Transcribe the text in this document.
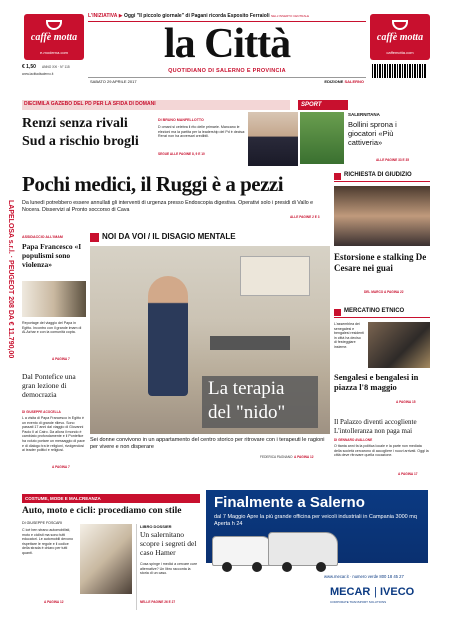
caffè motta
e-moderna.com
caffè motta
caffemotta.com
L'INIZIATIVA ▶ Oggi "Il piccolo giornale" di Pagani ricorda Esposito Ferraioli NELL'INSERTO CENTRALE
la Città
QUOTIDIANO DI SALERNO E PROVINCIA
€ 1,50 ANNO XXI · N° 115
www.lacittadisalerno.it
SABATO 29 APRILE 2017	EDIZIONE SALERNO
DIECIMILA GAZEBO DEL PD PER LA SFIDA DI DOMANI
Renzi senza rivali
Sud a rischio brogli
DI BRUNO MANFELLOTTO
D omani si celebra il rito delle primarie. Mancano le elezioni ma la partita per la leadership del Pd è decisa: Renzi non ha avversari credibili.
SEGUE ALLE PAGINE 8, 9 E 10
SPORT
SALERNITANA
Bollini sprona i giocatori «Più cattiveria»
ALLE PAGINE 33 E 35
Pochi medici, il Ruggi è a pezzi
Da lunedì potrebbero essere annullati gli interventi di urgenza presso Endoscopia digestiva. Operativi solo i presidi di Vallo e Nocera. Disservizi al Pronto soccorso di Cava
ALLE PAGINE 2 E 3
LAPELOSA s.r.l. · PEUGEOT 208 DA € 11.790,00 ASSIDACCIO ALL'IMAM
Papa Francesco «I populismi sono violenza»
Reportage del viaggio del Papa in Egitto. Incontro con il grande imam di Al-Azhar e con la comunità copta.
A PAGINA 7
Dal Pontefice una gran lezione di democrazia
DI GIUSEPPE ACOCELLA
L a visita di Papa Francesco in Egitto è un evento di grande rilievo. Sono passati 17 anni dal viaggio di Giovanni Paolo II al Cairo. Da allora il mondo è cambiato profondamente e il Pontefice ha voluto portare un messaggio di pace e di dialogo tra le religioni, rivolgendosi ai leader politici e religiosi.
A PAGINA 7
NOI DA VOI / IL DISAGIO MENTALE
La terapia
del "nido"
Sei donne convivono in un appartamento del centro storico per ritrovare con i terapeuti le ragioni per vivere e non disperare
FEDERICA PAGNANO A PAGINA 12
RICHIESTA DI GIUDIZIO
Estorsione e stalking De Cesare nei guai
DEL MARCO A PAGINA 22
MERCATINO ETNICO
L'assemblea dei senegalesi e bengalesi residenti in città ha deciso di festeggiare insieme.
Sengalesi e bengalesi in piazza l'8 maggio
A PAGINA 15
Il Palazzo diventi accogliente L'intolleranza non paga mai
DI GENNARO AVALLONE
O ttanta anni fa la politica locale e la parte non mediata della società cercarono di accogliere i nuovi arrivati. Oggi la città deve ritrovare quella vocazione.
A PAGINA 17
COSTUME, MODE E MALCREANZA
Auto, moto e cicli: procediamo con stile
DI GIUSEPPE FOSCARI
C ioè ben strano automobilisti, moto e ciclisti ma sono tutti educatori. Le automobili devono rispettare le regole e il codice della strada è chiaro per tutti quanti.
A PAGINA 12
LIBRO DOSSIER
Un salernitano scopre i segreti del caso Hamer
Cosa spinge i medici a cercare cure alternative? Un libro racconta la storia di un caso.
NELLE PAGINE 26 E 27
Finalmente a Salerno
dal 7 Maggio Apre la più grande officina per veicoli industriali in Campania 3000 mq Aperta h 24
www.mecar.it · numero verde 800 18 45 27
MECAR | IVECO
CORPORATE TRANSPORT SOLUTIONS
